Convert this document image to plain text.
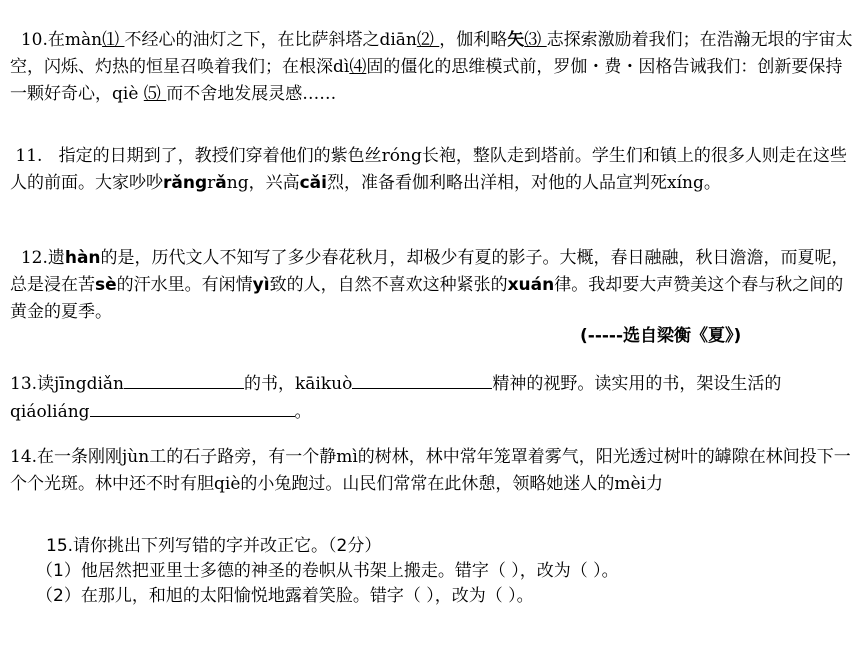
10.在màn⑴ 不经心的油灯之下，在比萨斜塔之diān⑵ ，伽利略矢⑶ 志探索激励着我们；在浩瀚无垠的宇宙太空，闪烁、灼热的恒星召唤着我们；在根深dì⑷固的僵化的思维模式前，罗伽・费・因格告诫我们：创新要保持一颗好奇心，qiè ⑸ 而不舍地发展灵感……
11.   指定的日期到了，教授们穿着他们的紫色丝róng长袍，整队走到塔前。学生们和镇上的很多人则走在这些人的前面。大家吵吵rǎngrǎng，兴高cǎi烈，准备看伽利略出洋相，对他的人品宣判死xíng。
12.遗hàn的是，历代文人不知写了多少春花秋月，却极少有夏的影子。大概，春日融融，秋日澹澹，而夏呢，总是浸在苦sè的汗水里。有闲情yì致的人，自然不喜欢这种紧张的xuán律。我却要大声赞美这个春与秋之间的黄金的夏季。
(-----选自梁衡《夏》)
13.读jīngdiǎn	的书，kāikuò	精神的视野。读实用的书，架设生活的qiáoliáng	。
14.在一条刚刚jùn工的石子路旁，有一个静mì的树林，林中常年笼罩着雾气，阳光透过树叶的罅隙在林间投下一个个光斑。林中还不时有胆qiè的小兔跑过。山民们常常在此休憩，领略她迷人的mèi力
15.请你挑出下列写错的字并改正它。（2分）
（1）他居然把亚里士多德的神圣的卷帜从书架上搬走。错字（ ），改为（ ）。
（2）在那儿，和旭的太阳愉悦地露着笑脸。错字（ ），改为（ ）。
